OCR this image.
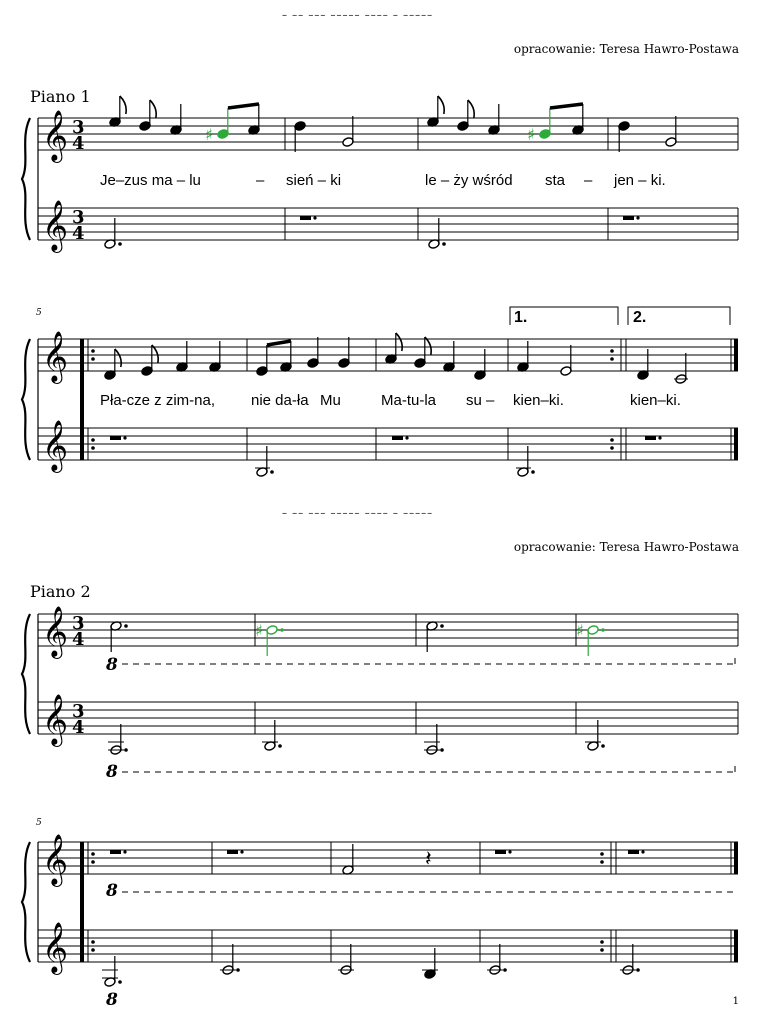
– –– ––– ––––– –––– – –––––
opracowanie: Teresa Hawro-Postawa
– –– ––– ––––– –––– – –––––
opracowanie: Teresa Hawro-Postawa
Piano 1
Piano 2
5
5
Je–zus ma – lu	– sień – ki	le – ży wśród sta – jen – ki.
Pła-cze z zim-na, nie da-ła Mu	Ma-tu-la su – kien–ki.	kien–ki.
1.	2.
8
8
8
8	1
𝄞
𝄞
3
4
3
4
♯	♯
𝄞
𝄞
𝄞
𝄞
3
4
3
4
♯	♯
𝄞
𝄞
𝄽
